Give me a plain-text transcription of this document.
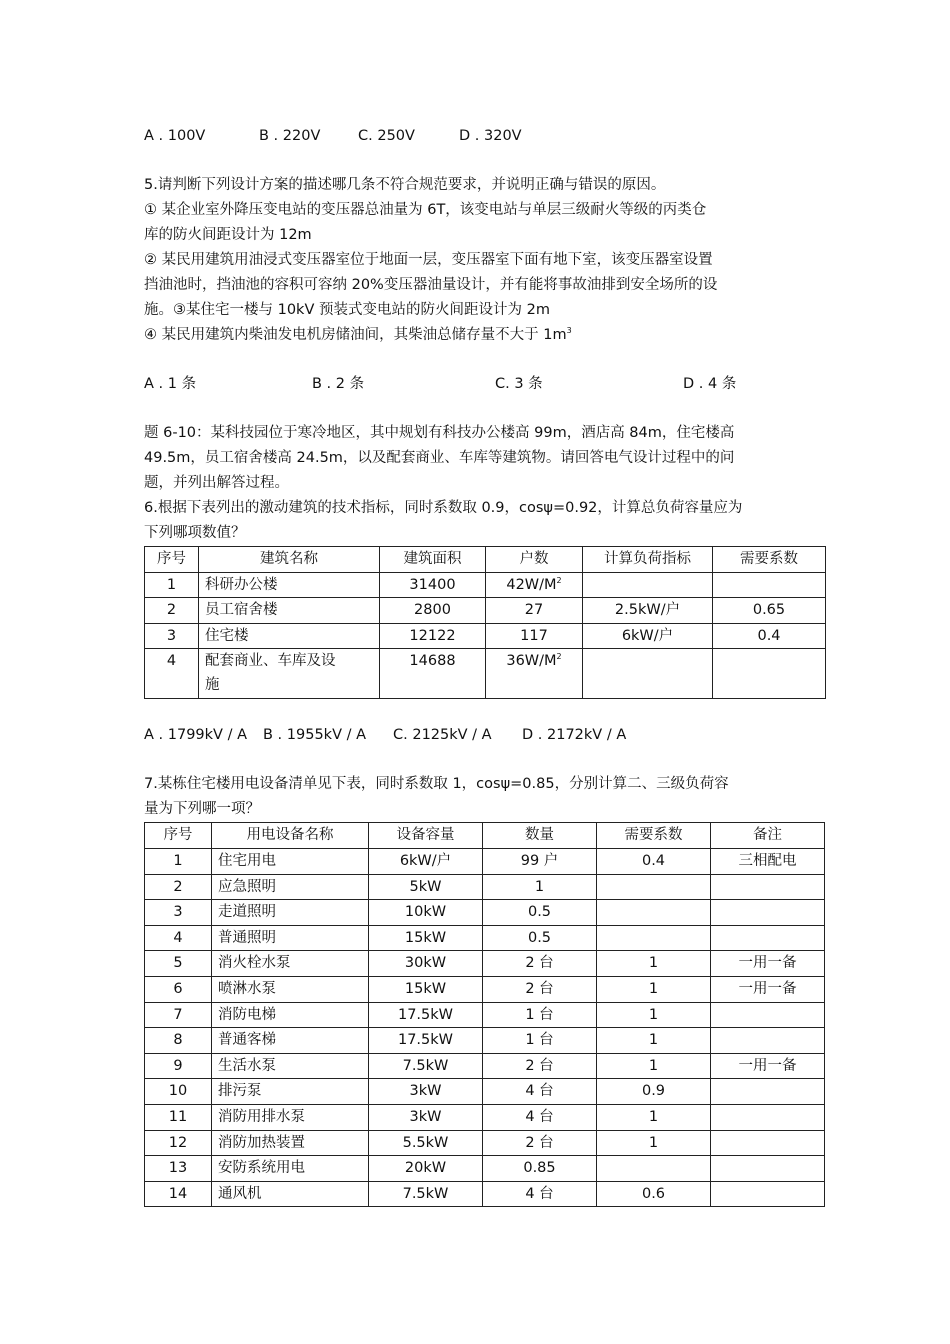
A . 100V	B . 220V	C. 250V	D . 320V

5.请判断下列设计方案的描述哪几条不符合规范要求，并说明正确与错误的原因。

① 某企业室外降压变电站的变压器总油量为 6T，该变电站与单层三级耐火等级的丙类仓

库的防火间距设计为 12m

② 某民用建筑用油浸式变压器室位于地面一层，变压器室下面有地下室，该变压器室设置

挡油池时，挡油池的容积可容纳 20%变压器油量设计，并有能将事故油排到安全场所的设

施。③某住宅一楼与 10kV 预装式变电站的防火间距设计为 2m

④ 某民用建筑内柴油发电机房储油间，其柴油总储存量不大于 $1m^3$

A . 1 条	B . 2 条	C. 3 条	D . 4 条

题 6-10：某科技园位于寒冷地区，其中规划有科技办公楼高 99m，酒店高 84m，住宅楼高

49.5m，员工宿舍楼高 24.5m，以及配套商业、车库等建筑物。请回答电气设计过程中的问

题，并列出解答过程。

6.根据下表列出的激动建筑的技术指标，同时系数取 0.9，cosψ=0.92，计算总负荷容量应为

下列哪项数值？

序号	建筑名称	建筑面积	户数	计算负荷指标	需要系数
1	科研办公楼	31400	$42W/M^2$		
2	员工宿舍楼	2800	27	2.5kW/户	0.65
3	住宅楼	12122	117	6kW/户	0.4
4	配套商业、车库及设
施	14688	$36W/M^2$		
A . 1799kV / A	B . 1955kV / A	C. 2125kV / A	D . 2172kV / A

7.某栋住宅楼用电设备清单见下表，同时系数取 1，cosψ=0.85，分别计算二、三级负荷容

量为下列哪一项？

序号	用电设备名称	设备容量	数量	需要系数	备注
1	住宅用电	6kW/户	99 户	0.4	三相配电
2	应急照明	5kW	1		
3	走道照明	10kW	0.5		
4	普通照明	15kW	0.5		
5	消火栓水泵	30kW	2 台	1	一用一备
6	喷淋水泵	15kW	2 台	1	一用一备
7	消防电梯	17.5kW	1 台	1	
8	普通客梯	17.5kW	1 台	1	
9	生活水泵	7.5kW	2 台	1	一用一备
10	排污泵	3kW	4 台	0.9	
11	消防用排水泵	3kW	4 台	1	
12	消防加热装置	5.5kW	2 台	1	
13	安防系统用电	20kW	0.85		
14	通风机	7.5kW	4 台	0.6	
